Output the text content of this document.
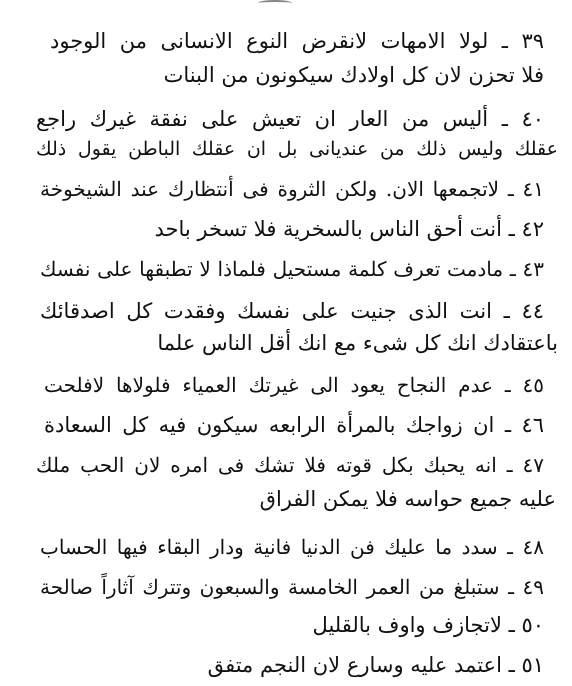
٣٩ ـ لولا الامهات لانقرض النوع الانسانى من الوجود
فلا تحزن لان كل اولادك سيكونون من البنات
٤٠ ـ أليس من العار ان تعيش على نفقة غيرك راجع
عقلك وليس ذلك من عنديانى بل ان عقلك الباطن يقول ذلك
٤١ ـ لاتجمعها الان. ولكن الثروة فى أنتظارك عند الشيخوخة
٤٢ ـ أنت أحق الناس بالسخرية فلا تسخر باحد
٤٣ ـ مادمت تعرف كلمة مستحيل فلماذا لا تطبقها على نفسك
٤٤ ـ انت الذى جنيت على نفسك وفقدت كل اصدقائك
باعتقادك انك كل شىء مع انك أقل الناس علما
٤٥ ـ عدم النجاح يعود الى غيرتك العمياء فلولاها لافلحت
٤٦ ـ ان زواجك بالمرأة الرابعه سيكون فيه كل السعادة
٤٧ ـ انه يحبك بكل قوته فلا تشك فى امره لان الحب ملك
عليه جميع حواسه فلا يمكن الفراق
٤٨ ـ سدد ما عليك فن الدنيا فانية ودار البقاء فيها الحساب
٤٩ ـ ستبلغ من العمر الخامسة والسبعون وتترك آثاراً صالحة
٥٠ ـ لاتجازف واوف بالقليل
٥١ ـ اعتمد عليه وسارع لان النجم متفق
